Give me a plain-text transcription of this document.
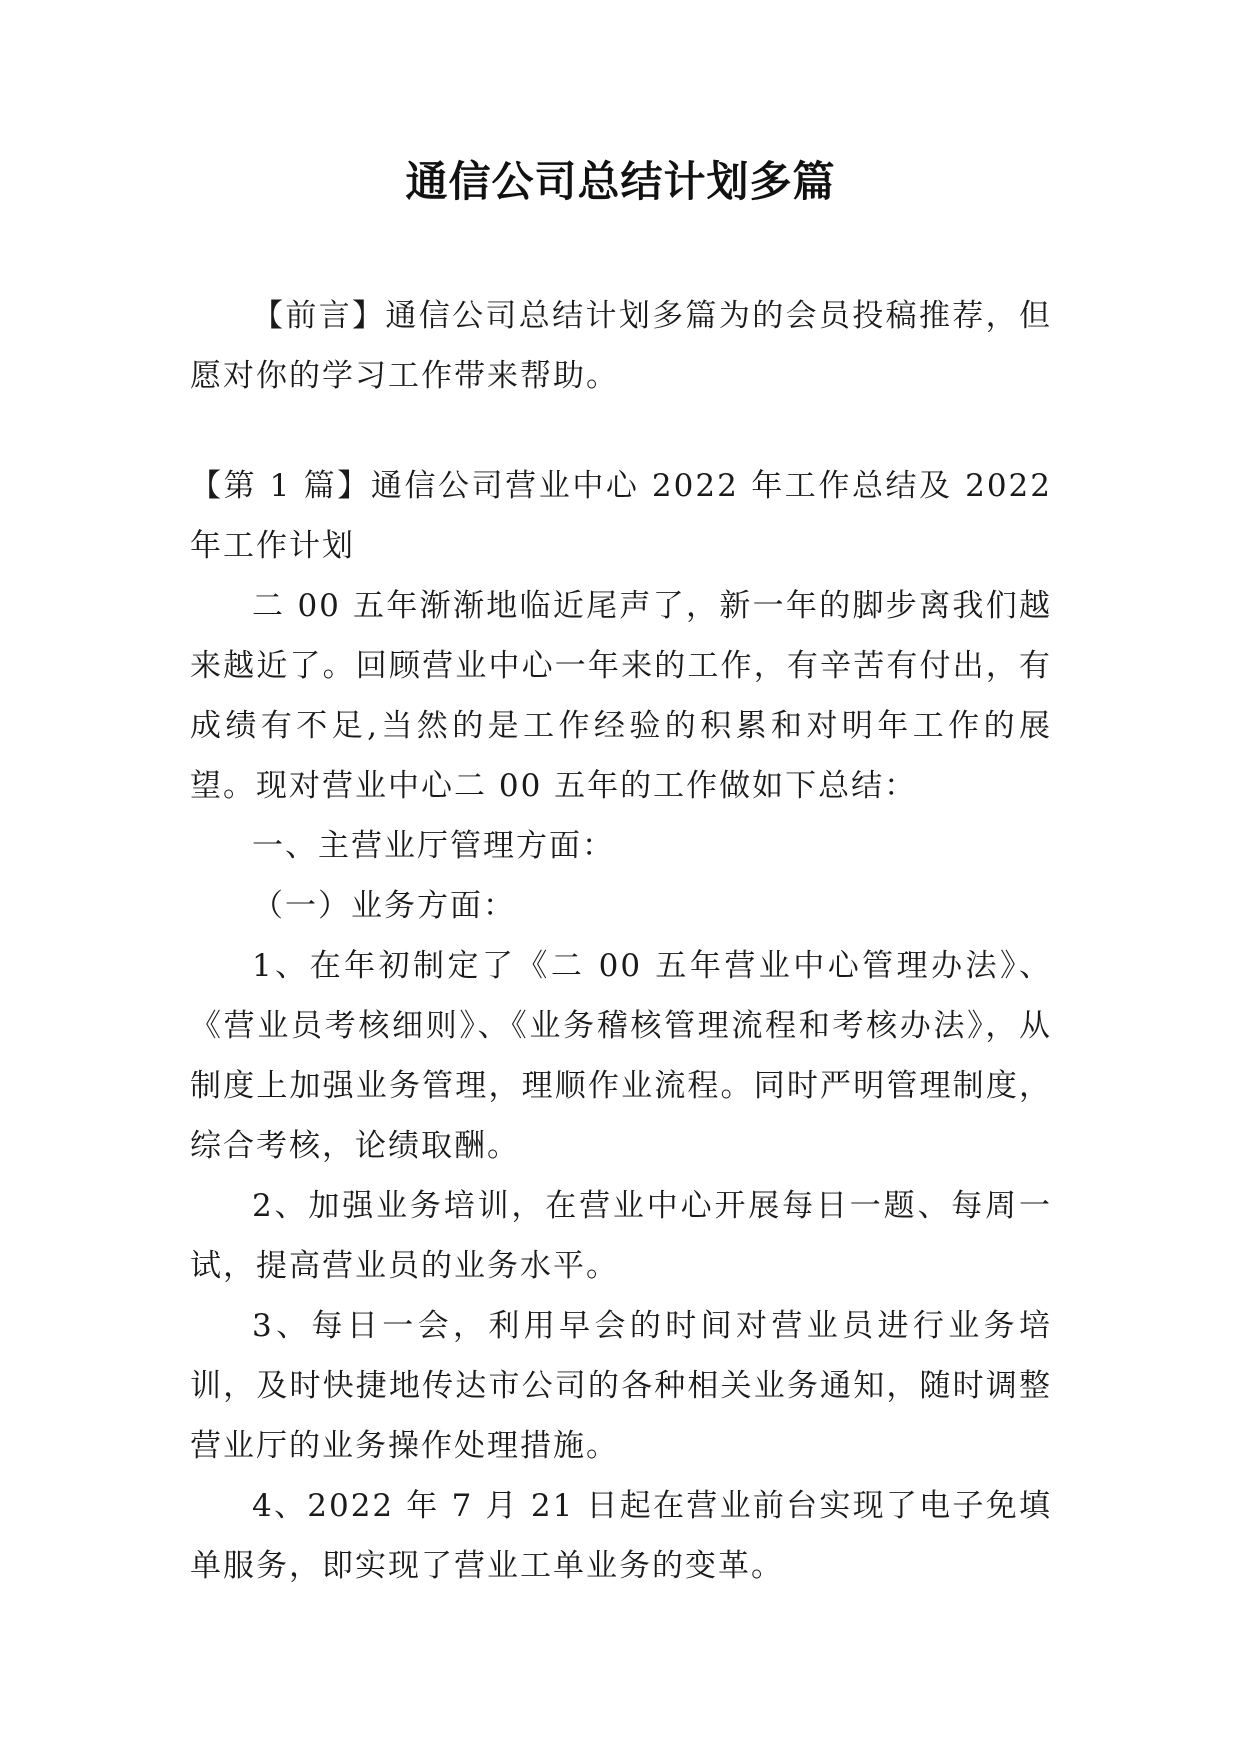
通信公司总结计划多篇

【前言】通信公司总结计划多篇为的会员投稿推荐，但愿对你的学习工作带来帮助。

【第 1 篇】通信公司营业中心 2022 年工作总结及 2022 年工作计划

二 00 五年渐渐地临近尾声了，新一年的脚步离我们越来越近了。回顾营业中心一年来的工作，有辛苦有付出，有成绩有不足,当然的是工作经验的积累和对明年工作的展望。现对营业中心二 00 五年的工作做如下总结：

一、主营业厅管理方面：

（一）业务方面：

1、在年初制定了《二 00 五年营业中心管理办法》、《营业员考核细则》、《业务稽核管理流程和考核办法》，从制度上加强业务管理，理顺作业流程。同时严明管理制度，综合考核，论绩取酬。

2、加强业务培训，在营业中心开展每日一题、每周一试，提高营业员的业务水平。

3、每日一会，利用早会的时间对营业员进行业务培训，及时快捷地传达市公司的各种相关业务通知，随时调整营业厅的业务操作处理措施。

4、2022 年 7 月 21 日起在营业前台实现了电子免填单服务，即实现了营业工单业务的变革。
